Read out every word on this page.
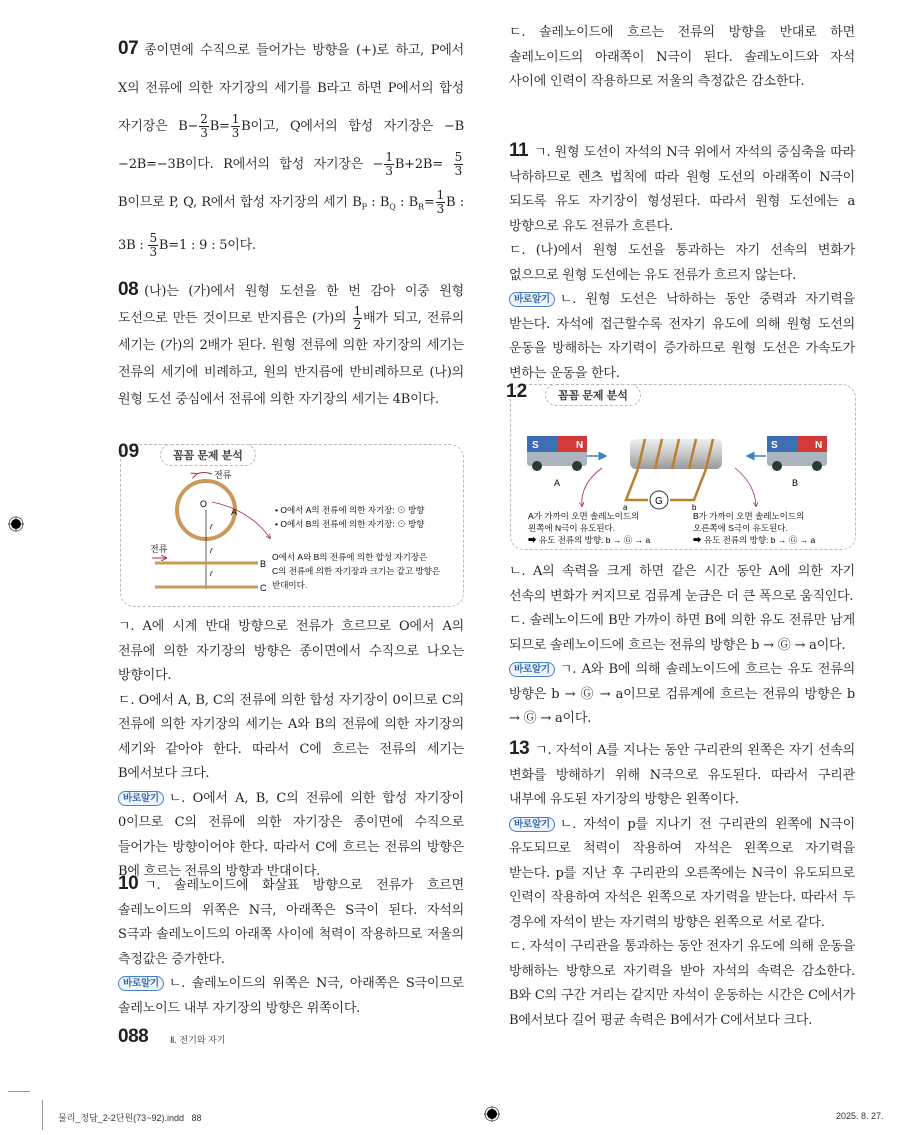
07 종이면에 수직으로 들어가는 방향을 (+)로 하고, P에서 X의 전류에 의한 자기장의 세기를 B라고 하면 P에서의 합성 자기장은 $B- \frac{2}{3} B= \frac{1}{3}$ B이고, Q에서의 합성 자기장은 −B −2B=−3B이다. R에서의 합성 자기장은 − $\frac{1}{3} B+2B= \frac{5}{3}$
B이므로 P, Q, R에서 합성 자기장의 세기 $B_P$ : $B_Q$ : $B_R= \frac{1}{3}$ B : 3B : $\frac{5}{3} B=1$ : 9 : 5이다.

08 (나)는 (가)에서 원형 도선을 한 번 감아 이중 원형 도선으로 만든 것이므로 반지름은 (가)의 $\frac{1}{2}$ 배가 되고, 전류의 세기는 (가)의 2배가 된다. 원형 전류에 의한 자기장의 세기는 전류의 세기에 비례하고, 원의 반지름에 반비례하므로 (나)의 원형 도선 중심에서 전류에 의한 자기장의 세기는 4B이다.

09	꼼꼼 문제 분석
전류
O
A
r
r
r
전류
B
C
• O에서 A의 전류에 의한 자기장: ⊙ 방향
• O에서 B의 전류에 의한 자기장: ⊙ 방향
O에서 A와 B의 전류에 의한 합성 자기장은
C의 전류에 의한 자기장과 크기는 같고 방향은
반대이다.

ㄱ. A에 시계 반대 방향으로 전류가 흐르므로 O에서 A의 전류에 의한 자기장의 방향은 종이면에서 수직으로 나오는 방향이다.

ㄷ. O에서 A, B, C의 전류에 의한 합성 자기장이 0이므로 C의 전류에 의한 자기장의 세기는 A와 B의 전류에 의한 자기장의 세기와 같아야 한다. 따라서 C에 흐르는 전류의 세기는 B에서보다 크다.

바로알기 ㄴ. O에서 A, B, C의 전류에 의한 합성 자기장이 0이므로 C의 전류에 의한 자기장은 종이면에 수직으로 들어가는 방향이어야 한다. 따라서 C에 흐르는 전류의 방향은 B에 흐르는 전류의 방향과 반대이다.

10 ㄱ. 솔레노이드에 화살표 방향으로 전류가 흐르면 솔레노이드의 위쪽은 N극, 아래쪽은 S극이 된다. 자석의 S극과 솔레노이드의 아래쪽 사이에 척력이 작용하므로 저울의 측정값은 증가한다.

바로알기 ㄴ. 솔레노이드의 위쪽은 N극, 아래쪽은 S극이므로 솔레노이드 내부 자기장의 방향은 위쪽이다.

ㄷ. 솔레노이드에 흐르는 전류의 방향을 반대로 하면 솔레노이드의 아래쪽이 N극이 된다. 솔레노이드와 자석 사이에 인력이 작용하므로 저울의 측정값은 감소한다.

11 ㄱ. 원형 도선이 자석의 N극 위에서 자석의 중심축을 따라 낙하하므로 렌츠 법칙에 따라 원형 도선의 아래쪽이 N극이 되도록 유도 자기장이 형성된다. 따라서 원형 도선에는 a 방향으로 유도 전류가 흐른다.

ㄷ. (나)에서 원형 도선을 통과하는 자기 선속의 변화가 없으므로 원형 도선에는 유도 전류가 흐르지 않는다.

바로알기 ㄴ. 원형 도선은 낙하하는 동안 중력과 자기력을 받는다. 자석에 접근할수록 전자기 유도에 의해 원형 도선의 운동을 방해하는 자기력이 증가하므로 원형 도선은 가속도가 변하는 운동을 한다.

12	꼼꼼 문제 분석
S	N
A
S	N
B
G
a	b
A가 가까이 오면 솔레노이드의
왼쪽에 N극이 유도된다.
➡ 유도 전류의 방향: b → Ⓖ → a
B가 가까이 오면 솔레노이드의
오른쪽에 S극이 유도된다.
➡ 유도 전류의 방향: b → Ⓖ → a

ㄴ. A의 속력을 크게 하면 같은 시간 동안 A에 의한 자기 선속의 변화가 커지므로 검류계 눈금은 더 큰 폭으로 움직인다.

ㄷ. 솔레노이드에 B만 가까이 하면 B에 의한 유도 전류만 남게 되므로 솔레노이드에 흐르는 전류의 방향은 b → Ⓖ → a이다.

바로알기 ㄱ. A와 B에 의해 솔레노이드에 흐르는 유도 전류의 방향은 b → Ⓖ → a이므로 검류계에 흐르는 전류의 방향은 b → Ⓖ → a이다.

13 ㄱ. 자석이 A를 지나는 동안 구리관의 왼쪽은 자기 선속의 변화를 방해하기 위해 N극으로 유도된다. 따라서 구리관 내부에 유도된 자기장의 방향은 왼쪽이다.

바로알기 ㄴ. 자석이 p를 지나기 전 구리관의 왼쪽에 N극이 유도되므로 척력이 작용하여 자석은 왼쪽으로 자기력을 받는다. p를 지난 후 구리관의 오른쪽에는 N극이 유도되므로 인력이 작용하여 자석은 왼쪽으로 자기력을 받는다. 따라서 두 경우에 자석이 받는 자기력의 방향은 왼쪽으로 서로 같다.

ㄷ. 자석이 구리관을 통과하는 동안 전자기 유도에 의해 운동을 방해하는 방향으로 자기력을 받아 자석의 속력은 감소한다. B와 C의 구간 거리는 같지만 자석이 운동하는 시간은 C에서가 B에서보다 길어 평균 속력은 B에서가 C에서보다 크다.

088 Ⅱ. 전기와 자기
물리_정답_2-2단원(73~92).indd   88	2025. 8. 27.
